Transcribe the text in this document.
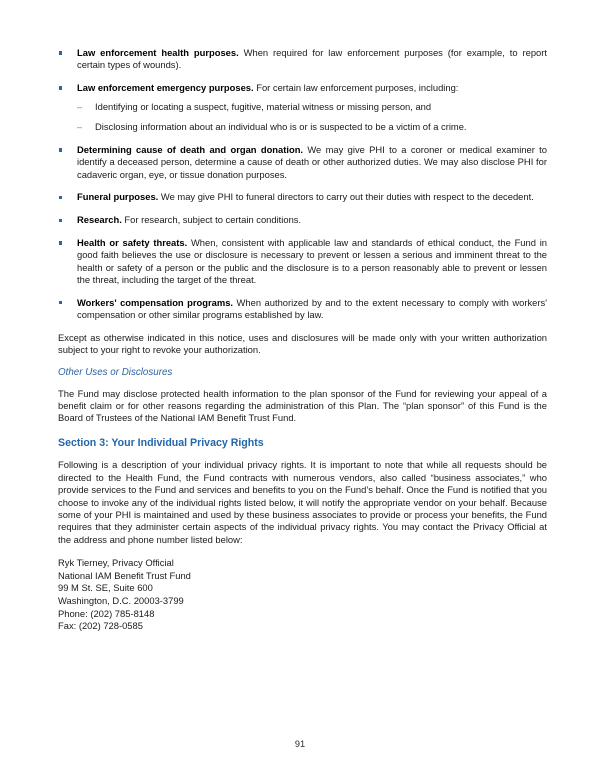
Law enforcement health purposes. When required for law enforcement purposes (for example, to report certain types of wounds).
Law enforcement emergency purposes. For certain law enforcement purposes, including:
– Identifying or locating a suspect, fugitive, material witness or missing person, and
– Disclosing information about an individual who is or is suspected to be a victim of a crime.
Determining cause of death and organ donation. We may give PHI to a coroner or medical examiner to identify a deceased person, determine a cause of death or other authorized duties. We may also disclose PHI for cadaveric organ, eye, or tissue donation purposes.
Funeral purposes. We may give PHI to funeral directors to carry out their duties with respect to the decedent.
Research. For research, subject to certain conditions.
Health or safety threats. When, consistent with applicable law and standards of ethical conduct, the Fund in good faith believes the use or disclosure is necessary to prevent or lessen a serious and imminent threat to the health or safety of a person or the public and the disclosure is to a person reasonably able to prevent or lessen the threat, including the target of the threat.
Workers' compensation programs. When authorized by and to the extent necessary to comply with workers' compensation or other similar programs established by law.

Except as otherwise indicated in this notice, uses and disclosures will be made only with your written authorization subject to your right to revoke your authorization.

Other Uses or Disclosures

The Fund may disclose protected health information to the plan sponsor of the Fund for reviewing your appeal of a benefit claim or for other reasons regarding the administration of this Plan. The “plan sponsor” of this Fund is the Board of Trustees of the National IAM Benefit Trust Fund.

Section 3: Your Individual Privacy Rights

Following is a description of your individual privacy rights. It is important to note that while all requests should be directed to the Health Fund, the Fund contracts with numerous vendors, also called “business associates,” who provide services to the Fund and services and benefits to you on the Fund’s behalf. Once the Fund is notified that you choose to invoke any of the individual rights listed below, it will notify the appropriate vendor on your behalf. Because some of your PHI is maintained and used by these business associates to provide or process your benefits, the Fund requires that they administer certain aspects of the individual privacy rights. You may contact the Privacy Official at the address and phone number listed below:

Ryk Tierney, Privacy Official
National IAM Benefit Trust Fund
99 M St. SE, Suite 600
Washington, D.C. 20003-3799
Phone: (202) 785-8148
Fax: (202) 728-0585
91
